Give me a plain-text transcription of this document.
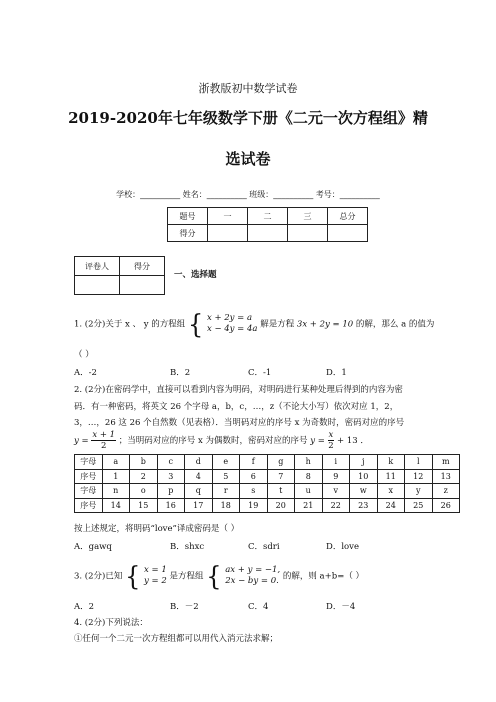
浙教版初中数学试卷
2019-2020年七年级数学下册《二元一次方程组》精
选试卷
学校：__________ 姓名：__________ 班级：__________ 考号：__________
题号	一	二	三	总分
得分				
评卷人	得分

一、选择题
1. (2分)关于 x 、 y 的方程组 { x + 2y = a
x − 4y = 4a 解是方程 3x + 2y = 10 的解，那么 a 的值为
（ ）
A．-2	B．2	C．-1	D．1
2. (2分)在密码学中，直接可以看到内容为明码，对明码进行某种处理后得到的内容为密
码．有一种密码，将英文 26 个字母 a，b，c，…，z（不论大小写）依次对应 1，2，
3，…，26 这 26 个自然数（见表格）．当明码对应的序号 x 为奇数时，密码对应的序号
$y = \frac{x + 1}{2}$ ；当明码对应的序号 x 为偶数时，密码对应的序号 $y = \frac{x}{2} + 13$ ．
字母	a	b	c	d	e	f	g	h	i	j	k	l	m
序号	1	2	3	4	5	6	7	8	9	10	11	12	13
字母	n	o	p	q	r	s	t	u	v	w	x	y	z
序号	14	15	16	17	18	19	20	21	22	23	24	25	26
按上述规定，将明码“love”译成密码是（ ）
A．gawq	B．shxc	C．sdri	D．love
3. (2分)已知 { x = 1
y = 2 是方程组 { ax + y = −1,
2x − by = 0. 的解，则 a+b=（ ）
A．2	B．－2	C．4	D．－4
4. (2分)下列说法：
①任何一个二元一次方程组都可以用代入消元法求解；
